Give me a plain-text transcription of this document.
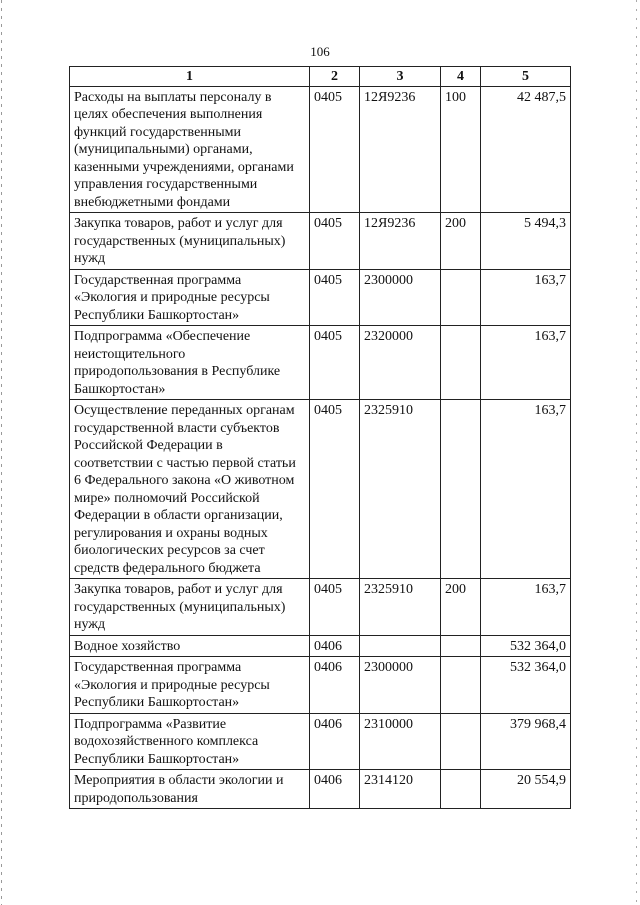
106
1	2	3	4	5
Расходы на выплаты персоналу в целях обеспечения выполнения функций государственными (муниципальными) органами, казенными учреждениями, органами управления государственными внебюджетными фондами	0405	12Я9236	100	42 487,5
Закупка товаров, работ и услуг для государственных (муниципальных) нужд	0405	12Я9236	200	5 494,3
Государственная программа «Экология и природные ресурсы Республики Башкортостан»	0405	2300000		163,7
Подпрограмма «Обеспечение неистощительного природопользования в Республике Башкортостан»	0405	2320000		163,7
Осуществление переданных органам государственной власти субъектов Российской Федерации в соответствии с частью первой статьи 6 Федерального закона «О животном мире» полномочий Российской Федерации в области организации, регулирования и охраны водных биологических ресурсов за счет средств федерального бюджета	0405	2325910		163,7
Закупка товаров, работ и услуг для государственных (муниципальных) нужд	0405	2325910	200	163,7
Водное хозяйство	0406			532 364,0
Государственная программа «Экология и природные ресурсы Республики Башкортостан»	0406	2300000		532 364,0
Подпрограмма «Развитие водохозяйственного комплекса Республики Башкортостан»	0406	2310000		379 968,4
Мероприятия в области экологии и природопользования	0406	2314120		20 554,9
